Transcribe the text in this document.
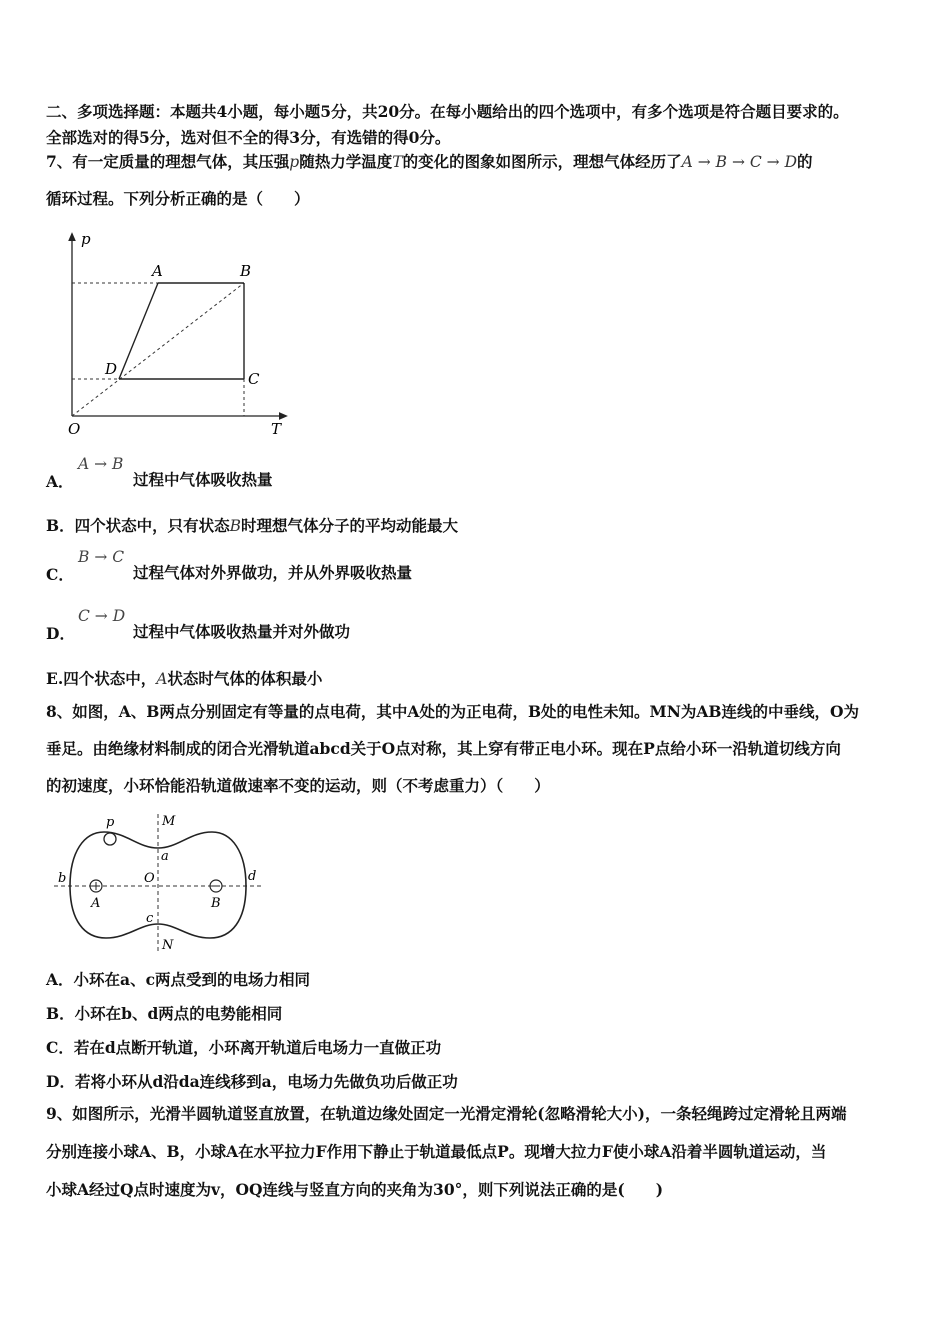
二、多项选择题：本题共4小题，每小题5分，共20分。在每小题给出的四个选项中，有多个选项是符合题目要求的。
全部选对的得5分，选对但不全的得3分，有选错的得0分。
7、有一定质量的理想气体，其压强p随热力学温度T的变化的图象如图所示，理想气体经历了A → B → C → D的
循环过程。下列分析正确的是（　　）
p
T
O
A	B
C
D
A．
A → B
过程中气体吸收热量
B．四个状态中，只有状态B时理想气体分子的平均动能最大
C．
B → C
过程气体对外界做功，并从外界吸收热量
D．
C → D
过程中气体吸收热量并对外做功
E.四个状态中，A状态时气体的体积最小
8、如图，A、B两点分别固定有等量的点电荷，其中A处的为正电荷，B处的电性未知。MN为AB连线的中垂线，O为
垂足。由绝缘材料制成的闭合光滑轨道abcd关于O点对称，其上穿有带正电小环。现在P点给小环一沿轨道切线方向
的初速度，小环恰能沿轨道做速率不变的运动，则（不考虑重力）（　　）
M
N
O
p
a
b
c
d
A	B
A．小环在a、c两点受到的电场力相同
B．小环在b、d两点的电势能相同
C．若在d点断开轨道，小环离开轨道后电场力一直做正功
D．若将小环从d沿da连线移到a，电场力先做负功后做正功
9、如图所示，光滑半圆轨道竖直放置，在轨道边缘处固定一光滑定滑轮(忽略滑轮大小)，一条轻绳跨过定滑轮且两端
分别连接小球A、B，小球A在水平拉力F作用下静止于轨道最低点P。现增大拉力F使小球A沿着半圆轨道运动，当
小球A经过Q点时速度为v，OQ连线与竖直方向的夹角为30°，则下列说法正确的是(　　)
